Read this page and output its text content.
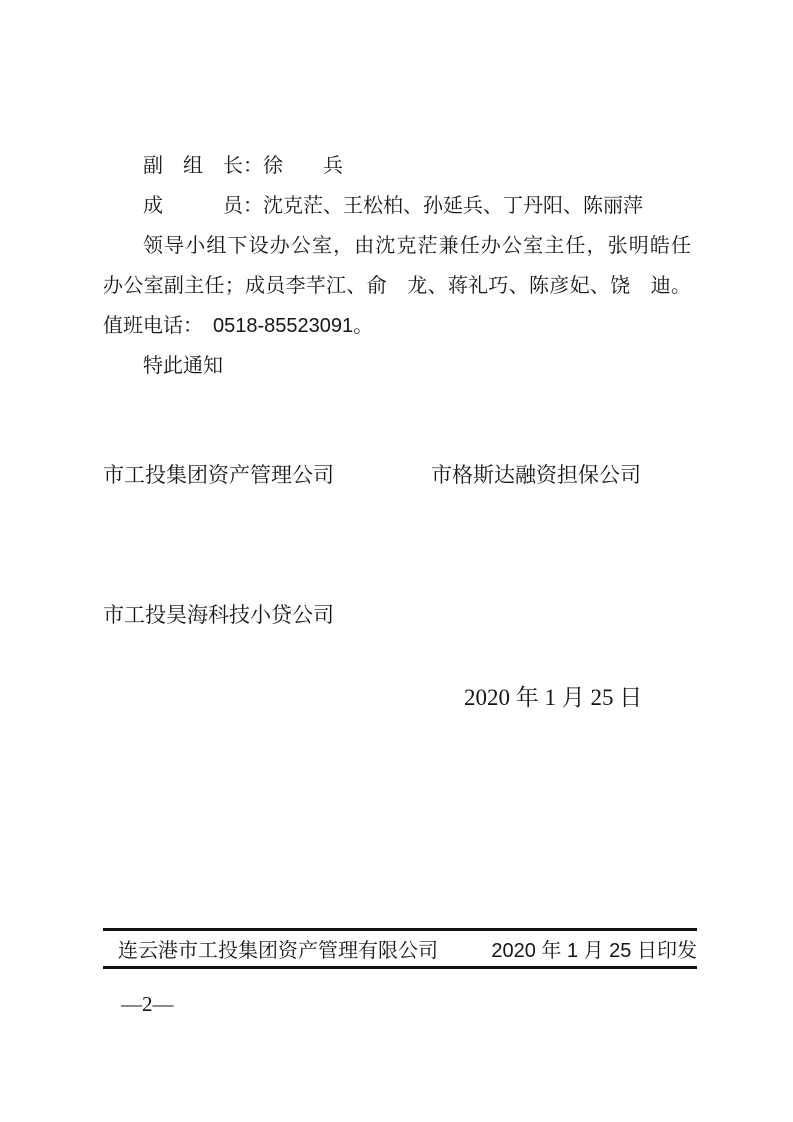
副　组　长：徐　　兵
成　　　员：沈克茫、王松柏、孙延兵、丁丹阳、陈丽萍
领导小组下设办公室，由沈克茫兼任办公室主任，张明皓任
办公室副主任；成员李芊江、俞　龙、蒋礼巧、陈彦妃、饶　迪。
值班电话：　0518-85523091。
特此通知
市工投集团资产管理公司	市格斯达融资担保公司
市工投昊海科技小贷公司
2020 年 1 月 25 日
连云港市工投集团资产管理有限公司	2020 年 1 月 25 日印发
—2—
